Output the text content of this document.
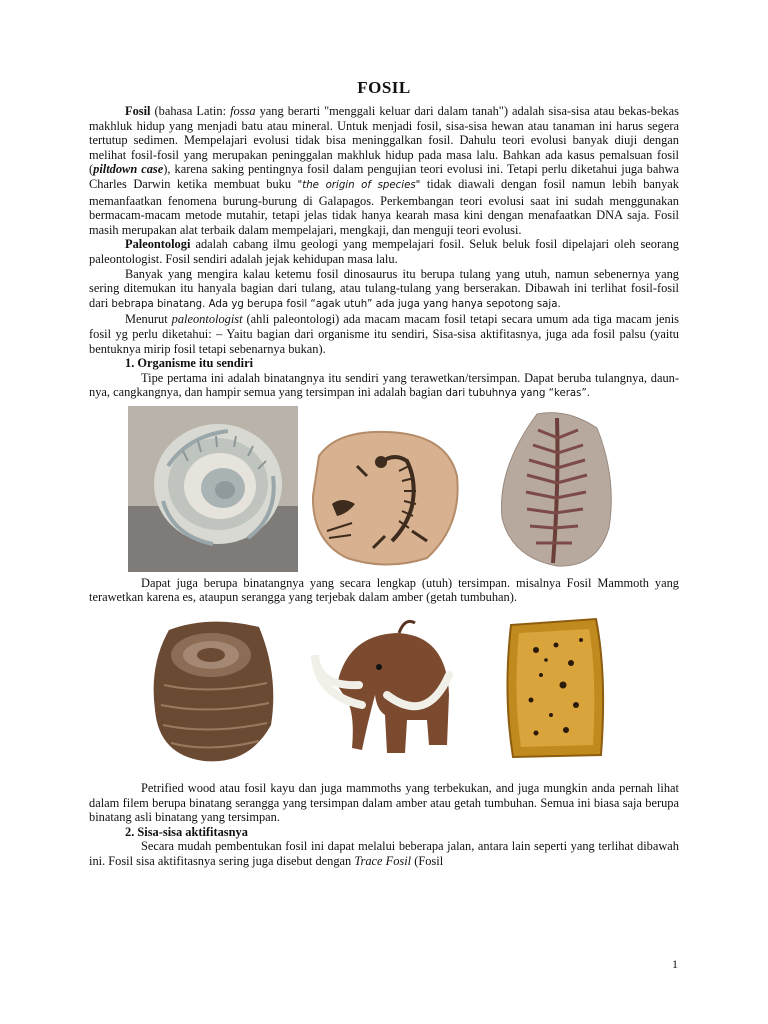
FOSIL

Fosil (bahasa Latin: fossa yang berarti "menggali keluar dari dalam tanah") adalah sisa-sisa atau bekas-bekas makhluk hidup yang menjadi batu atau mineral. Untuk menjadi fosil, sisa-sisa hewan atau tanaman ini harus segera tertutup sedimen. Mempelajari evolusi tidak bisa meninggalkan fosil. Dahulu teori evolusi banyak diuji dengan melihat fosil-fosil yang merupakan peninggalan makhluk hidup pada masa lalu. Bahkan ada kasus pemalsuan fosil (piltdown case), karena saking pentingnya fosil dalam pengujian teori evolusi ini. Tetapi perlu diketahui juga bahwa Charles Darwin ketika membuat buku "the origin of species" tidak diawali dengan fosil namun lebih banyak memanfaatkan fenomena burung-burung di Galapagos. Perkembangan teori evolusi saat ini sudah menggunakan bermacam-macam metode mutahir, tetapi jelas tidak hanya kearah masa kini dengan menafaatkan DNA saja. Fosil masih merupakan alat terbaik dalam mempelajari, mengkaji, dan menguji teori evolusi.

Paleontologi adalah cabang ilmu geologi yang mempelajari fosil. Seluk beluk fosil dipelajari oleh seorang paleontologist. Fosil sendiri adalah jejak kehidupan masa lalu.

Banyak yang mengira kalau ketemu fosil dinosaurus itu berupa tulang yang utuh, namun sebenernya yang sering ditemukan itu hanyala bagian dari tulang, atau tulang-tulang yang berserakan. Dibawah ini terlihat fosil-fosil dari bebrapa binatang. Ada yg berupa fosil “agak utuh” ada juga yang hanya sepotong saja.

Menurut paleontologist (ahli paleontologi) ada macam macam fosil tetapi secara umum ada tiga macam jenis fosil yg perlu diketahui: – Yaitu bagian dari organisme itu sendiri, Sisa-sisa aktifitasnya, juga ada fosil palsu (yaitu bentuknya mirip fosil tetapi sebenarnya bukan).

1. Organisme itu sendiri

Tipe pertama ini adalah binatangnya itu sendiri yang terawetkan/tersimpan. Dapat beruba tulangnya, daun-nya, cangkangnya, dan hampir semua yang tersimpan ini adalah bagian dari tubuhnya yang “keras”.

Dapat juga berupa binatangnya yang secara lengkap (utuh) tersimpan. misalnya Fosil Mammoth yang terawetkan karena es, ataupun serangga yang terjebak dalam amber (getah tumbuhan).

Petrified wood atau fosil kayu dan juga mammoths yang terbekukan, and juga mungkin anda pernah lihat dalam filem berupa binatang serangga yang tersimpan dalam amber atau getah tumbuhan. Semua ini biasa saja berupa binatang asli binatang yang tersimpan.

2. Sisa-sisa aktifitasnya

Secara mudah pembentukan fosil ini dapat melalui beberapa jalan, antara lain seperti yang terlihat dibawah ini. Fosil sisa aktifitasnya sering juga disebut dengan Trace Fosil (Fosil

1
